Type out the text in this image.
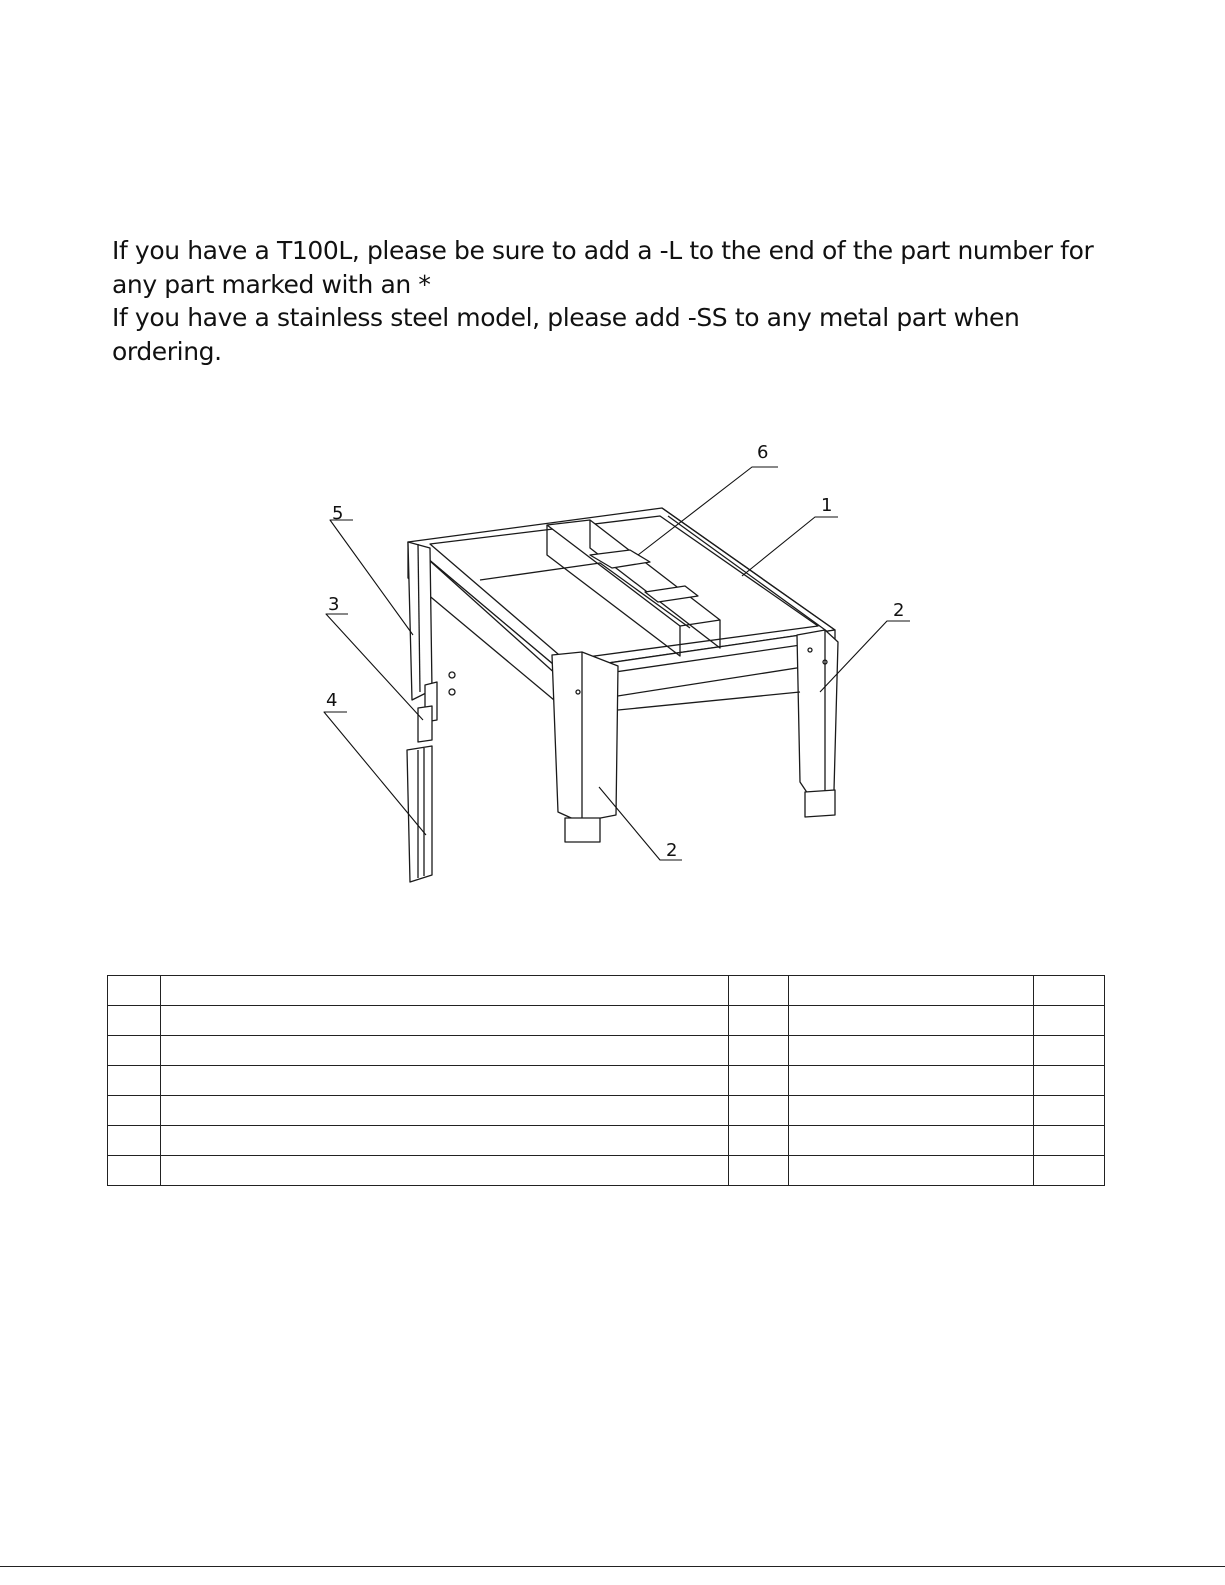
If you have a T100L, please be sure to add a -L to the end of the part number for any part marked with an *

If you have a stainless steel model, please add -SS to any metal part when ordering.

6
5	1
3	2
4
2
